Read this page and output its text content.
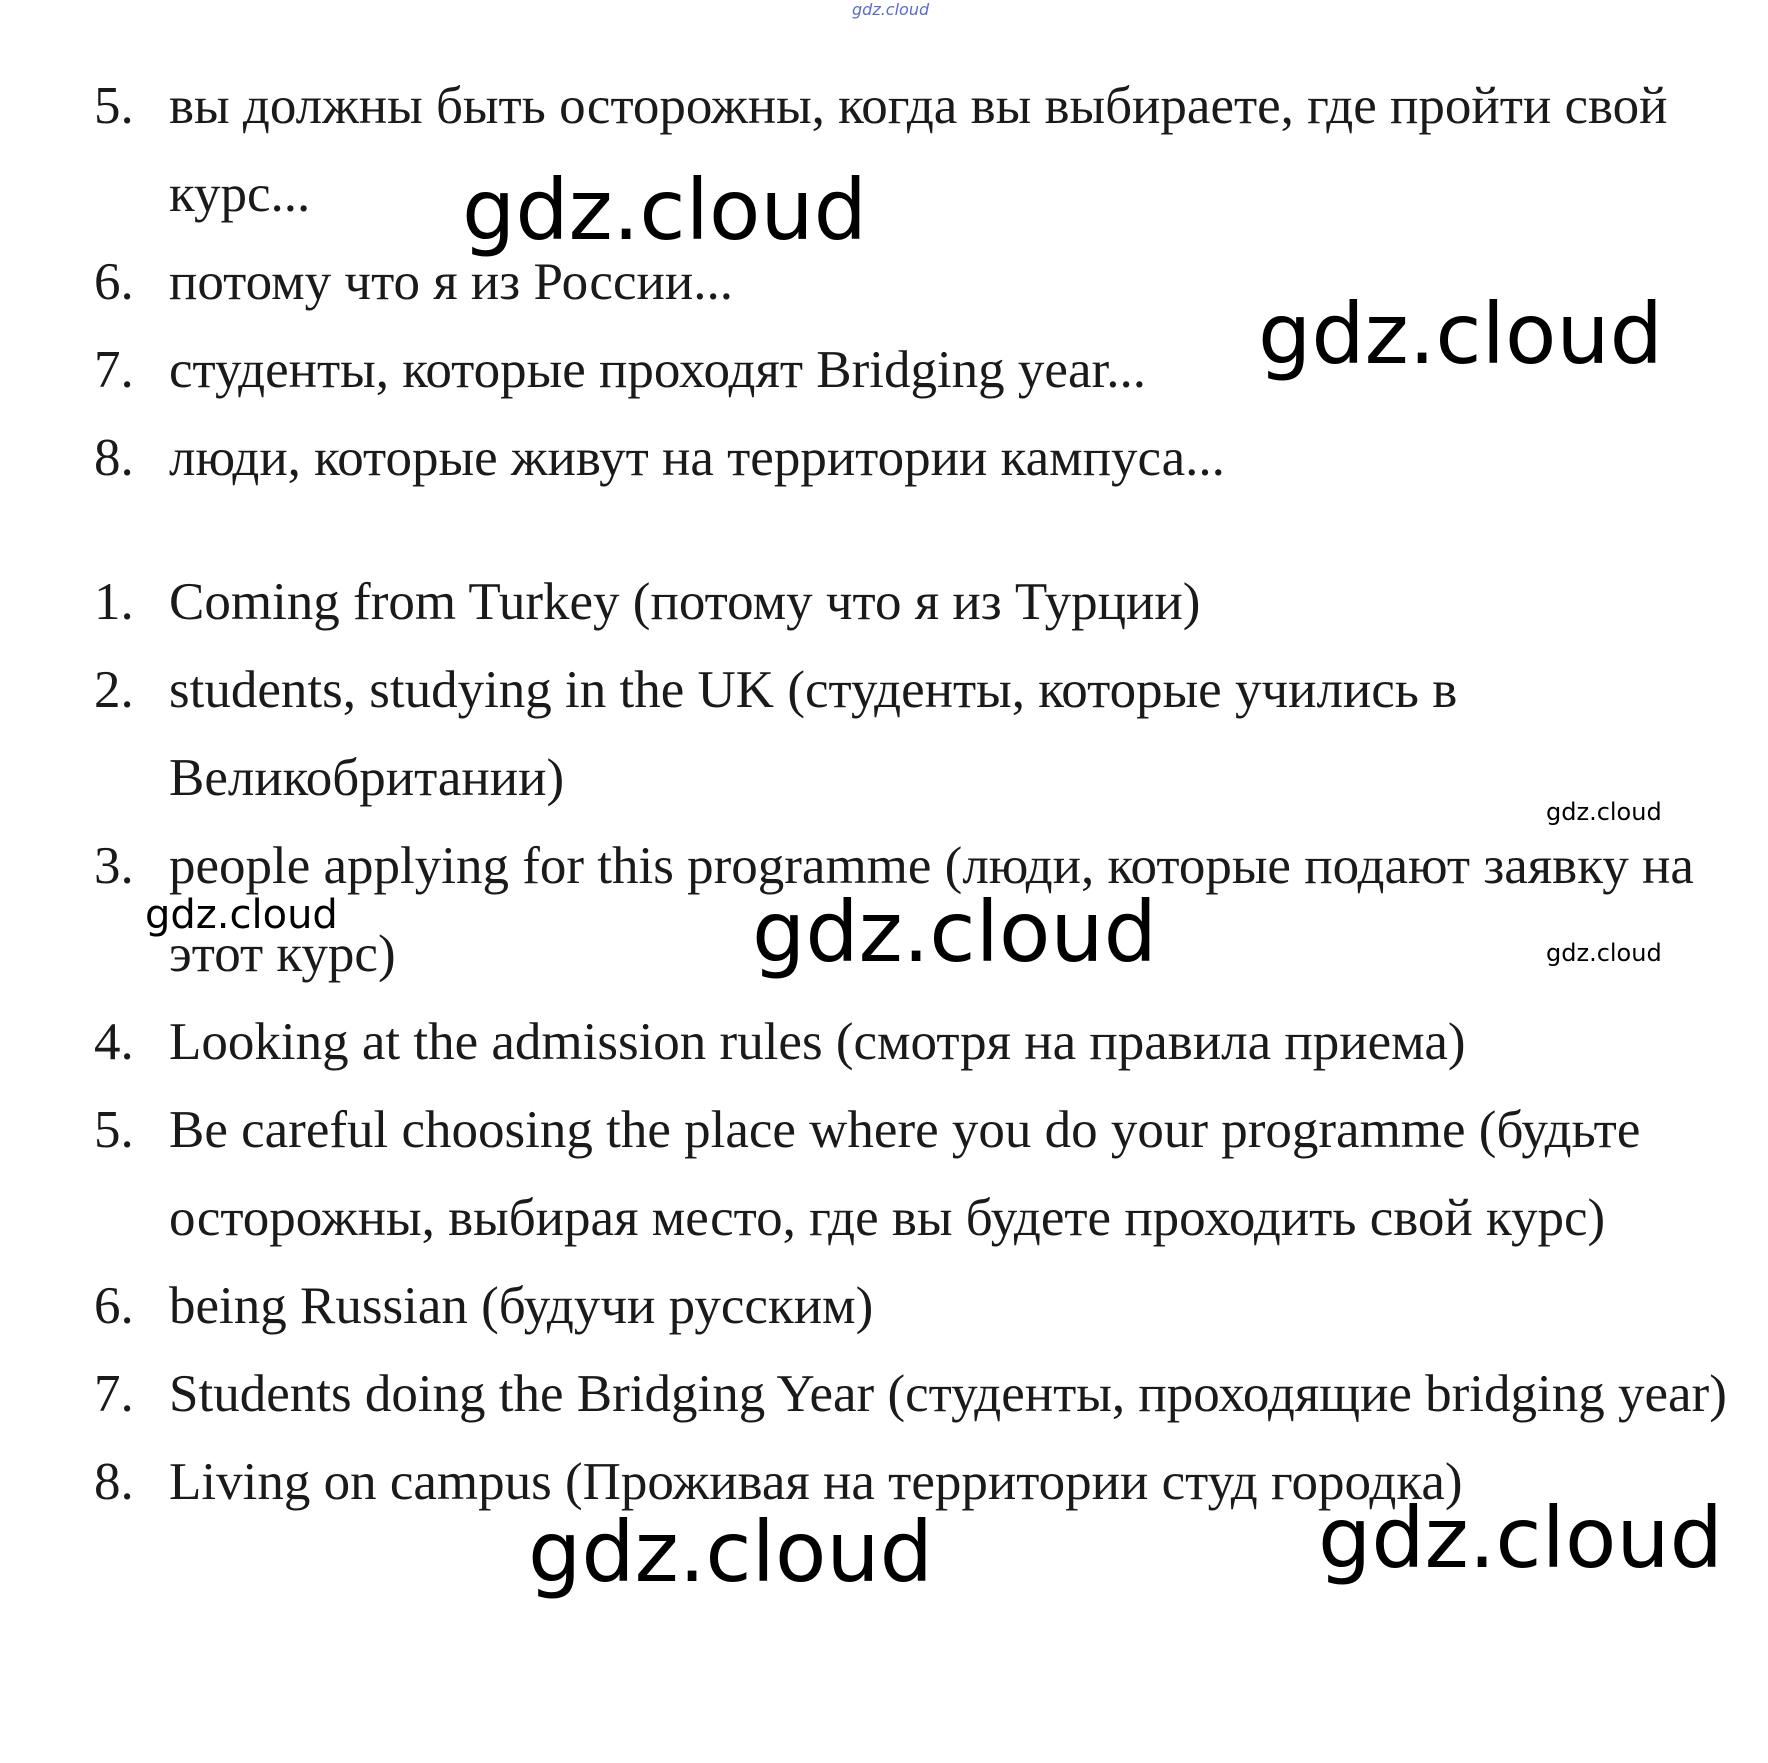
gdz.cloud
5. вы должны быть осторожны, когда вы выбираете, где пройти свой курс...
6. потому что я из России...
7. студенты, которые проходят Bridging year...
8. люди, которые живут на территории кампуса...
1. Coming from Turkey (потому что я из Турции)
2. students, studying in the UK (студенты, которые учились в Великобритании)
3. people applying for this programme (люди, которые подают заявку на этот курс)
4. Looking at the admission rules (смотря на правила приема)
5. Be careful choosing the place where you do your programme (будьте осторожны, выбирая место, где вы будете проходить свой курс)
6. being Russian (будучи русским)
7. Students doing the Bridging Year (студенты, проходящие bridging year)
8. Living on campus (Проживая на территории студ городка)
gdz.cloud
gdz.cloud
gdz.cloud
gdz.cloud	gdz.cloud	gdz.cloud
gdz.cloud	gdz.cloud
